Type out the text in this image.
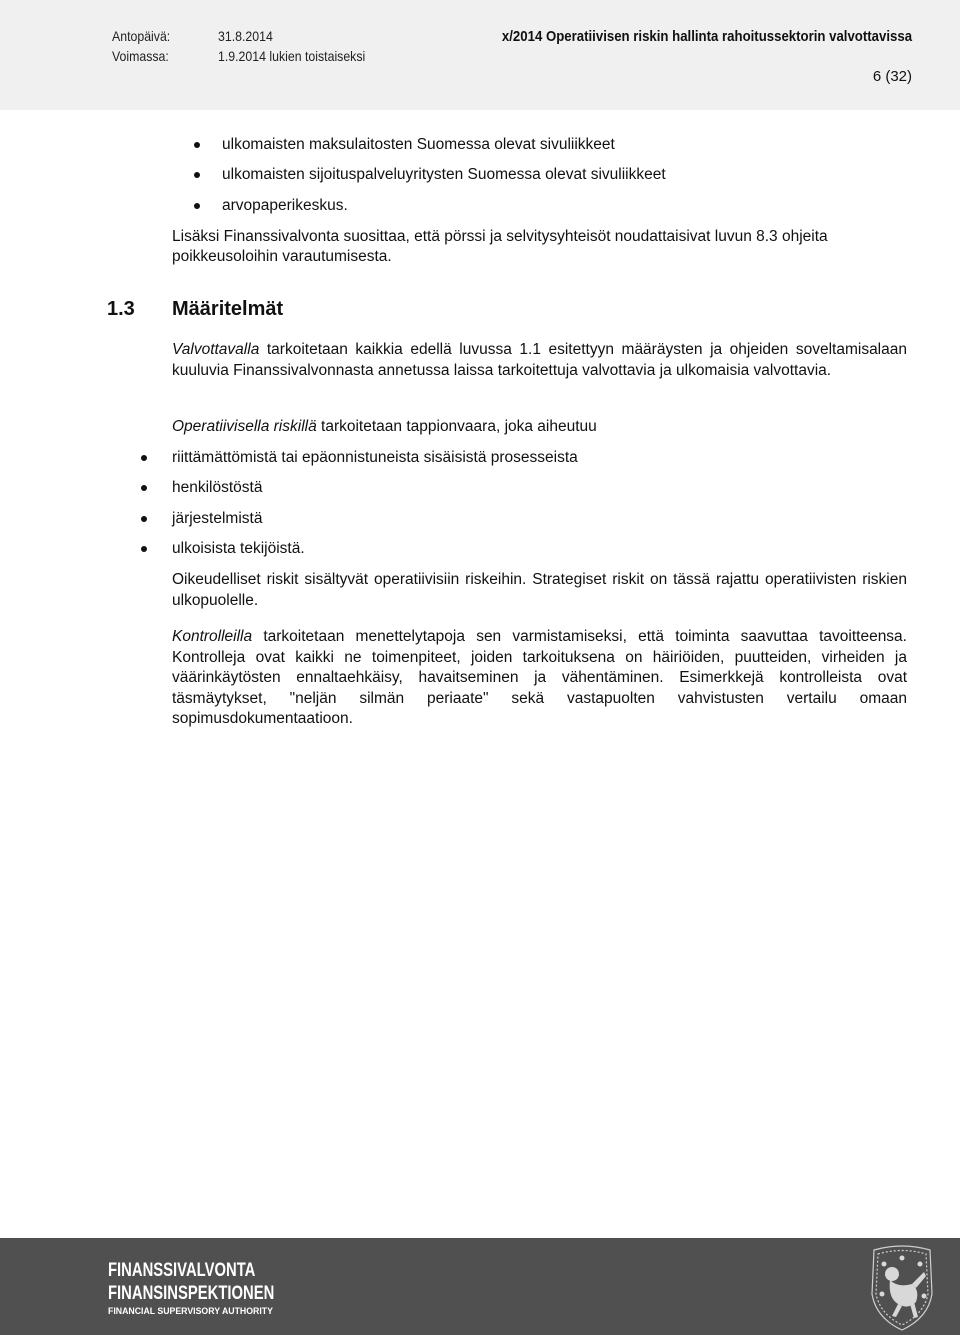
Antopäivä:	31.8.2014
Voimassa:	1.9.2014 lukien toistaiseksi
x/2014 Operatiivisen riskin hallinta rahoitussektorin valvottavissa
6 (32)
ulkomaisten maksulaitosten Suomessa olevat sivuliikkeet
ulkomaisten sijoituspalveluyritysten Suomessa olevat sivuliikkeet
arvopaperikeskus.
Lisäksi Finanssivalvonta suosittaa, että pörssi ja selvitysyhteisöt noudattaisivat luvun 8.3 ohjeita
poikkeusoloihin varautumisesta.
1.3 Määritelmät

Valvottavalla tarkoitetaan kaikkia edellä luvussa 1.1 esitettyyn määräysten ja ohjeiden soveltamisalaan kuuluvia Finanssivalvonnasta annetussa laissa tarkoitettuja valvottavia ja ulkomaisia valvottavia.

Operatiivisella riskillä tarkoitetaan tappionvaara, joka aiheutuu

riittämättömistä tai epäonnistuneista sisäisistä prosesseista
henkilöstöstä
järjestelmistä
ulkoisista tekijöistä.

Oikeudelliset riskit sisältyvät operatiivisiin riskeihin. Strategiset riskit on tässä rajattu operatiivisten riskien ulkopuolelle.

Kontrolleilla tarkoitetaan menettelytapoja sen varmistamiseksi, että toiminta saavuttaa tavoitteensa. Kontrolleja ovat kaikki ne toimenpiteet, joiden tarkoituksena on häiriöiden, puutteiden, virheiden ja väärinkäytösten ennaltaehkäisy, havaitseminen ja vähentäminen. Esimerkkejä kontrolleista ovat täsmäytykset, "neljän silmän periaate" sekä vastapuolten vahvistusten vertailu omaan sopimusdokumentaatioon.

FINANSSIVALVONTA
FINANSINSPEKTIONEN
FINANCIAL SUPERVISORY AUTHORITY
